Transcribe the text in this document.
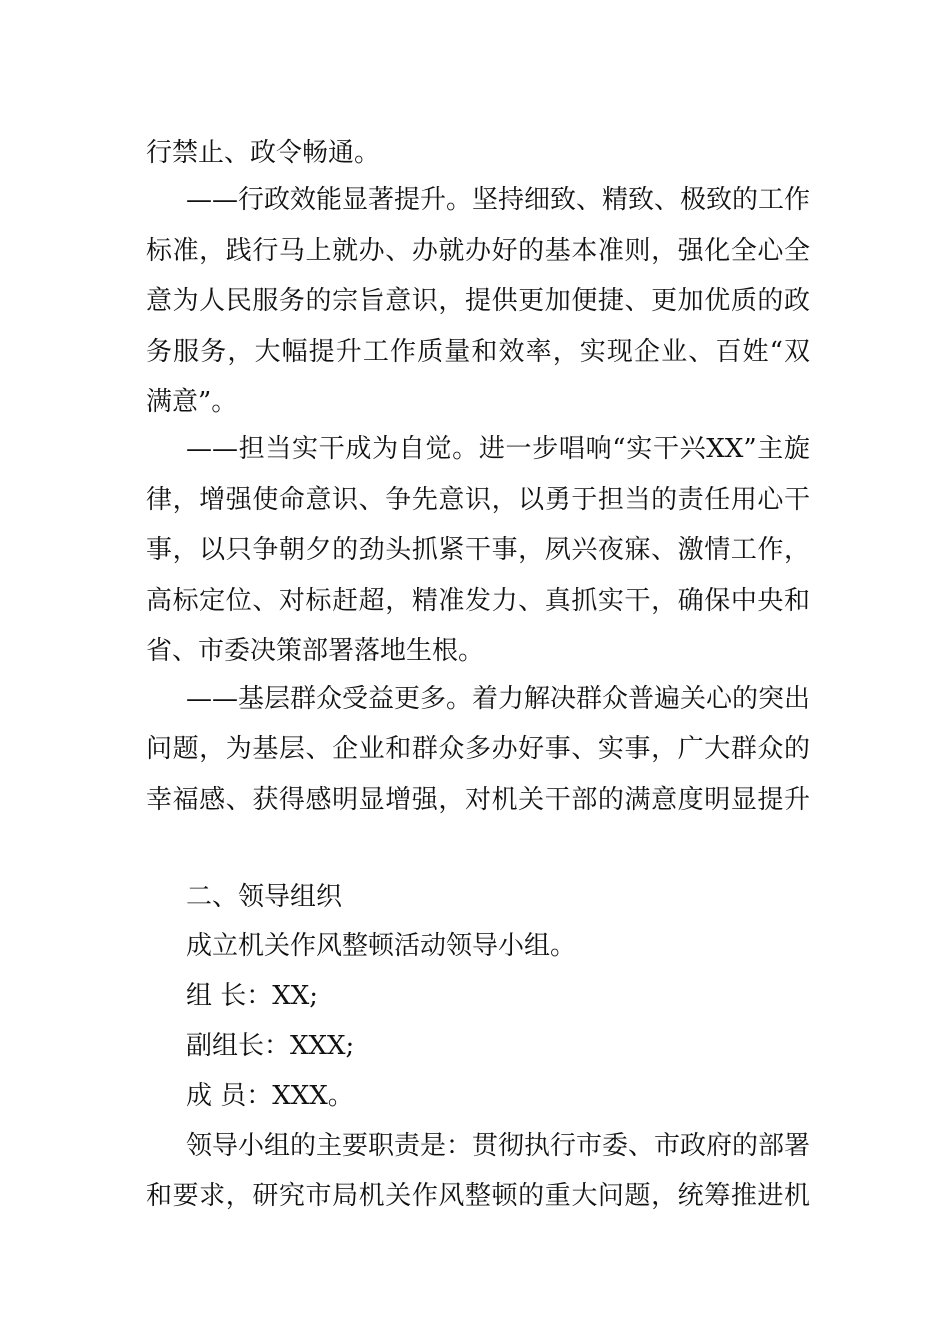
行禁止、政令畅通。
——行政效能显著提升。坚持细致、精致、极致的工作
标准，践行马上就办、办就办好的基本准则，强化全心全
意为人民服务的宗旨意识，提供更加便捷、更加优质的政
务服务，大幅提升工作质量和效率，实现企业、百姓“双
满意”。
——担当实干成为自觉。进一步唱响“实干兴XX”主旋
律，增强使命意识、争先意识，以勇于担当的责任用心干
事，以只争朝夕的劲头抓紧干事，夙兴夜寐、激情工作，
高标定位、对标赶超，精准发力、真抓实干，确保中央和
省、市委决策部署落地生根。
——基层群众受益更多。着力解决群众普遍关心的突出
问题，为基层、企业和群众多办好事、实事，广大群众的
幸福感、获得感明显增强，对机关干部的满意度明显提升
二、领导组织
成立机关作风整顿活动领导小组。
组 长：XX;
副组长：XXX;
成 员：XXX。
领导小组的主要职责是：贯彻执行市委、市政府的部署
和要求，研究市局机关作风整顿的重大问题，统筹推进机
